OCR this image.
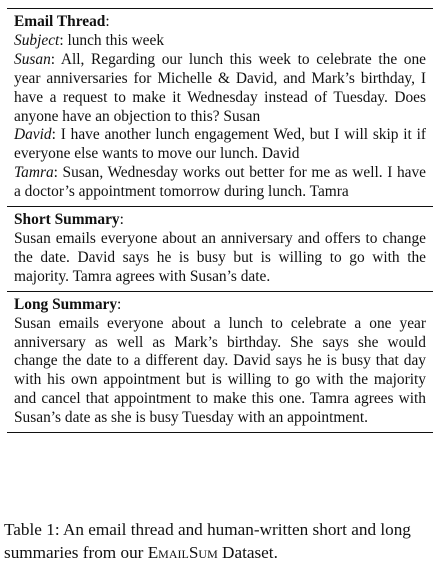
Email Thread:
Subject: lunch this week
Susan: All, Regarding our lunch this week to celebrate the one year anniversaries for Michelle & David, and Mark’s birthday, I have a request to make it Wednesday instead of Tuesday. Does anyone have an objection to this? Susan
David: I have another lunch engagement Wed, but I will skip it if everyone else wants to move our lunch. David
Tamra: Susan, Wednesday works out better for me as well. I have a doctor’s appointment tomorrow during lunch. Tamra
Short Summary:
Susan emails everyone about an anniversary and offers to change the date. David says he is busy but is willing to go with the majority. Tamra agrees with Susan’s date.
Long Summary:
Susan emails everyone about a lunch to celebrate a one year anniversary as well as Mark’s birthday. She says she would change the date to a different day. David says he is busy that day with his own appointment but is willing to go with the majority and cancel that appointment to make this one. Tamra agrees with Susan’s date as she is busy Tuesday with an appointment.
Table 1: An email thread and human-written short and long summaries from our EmailSum Dataset.
